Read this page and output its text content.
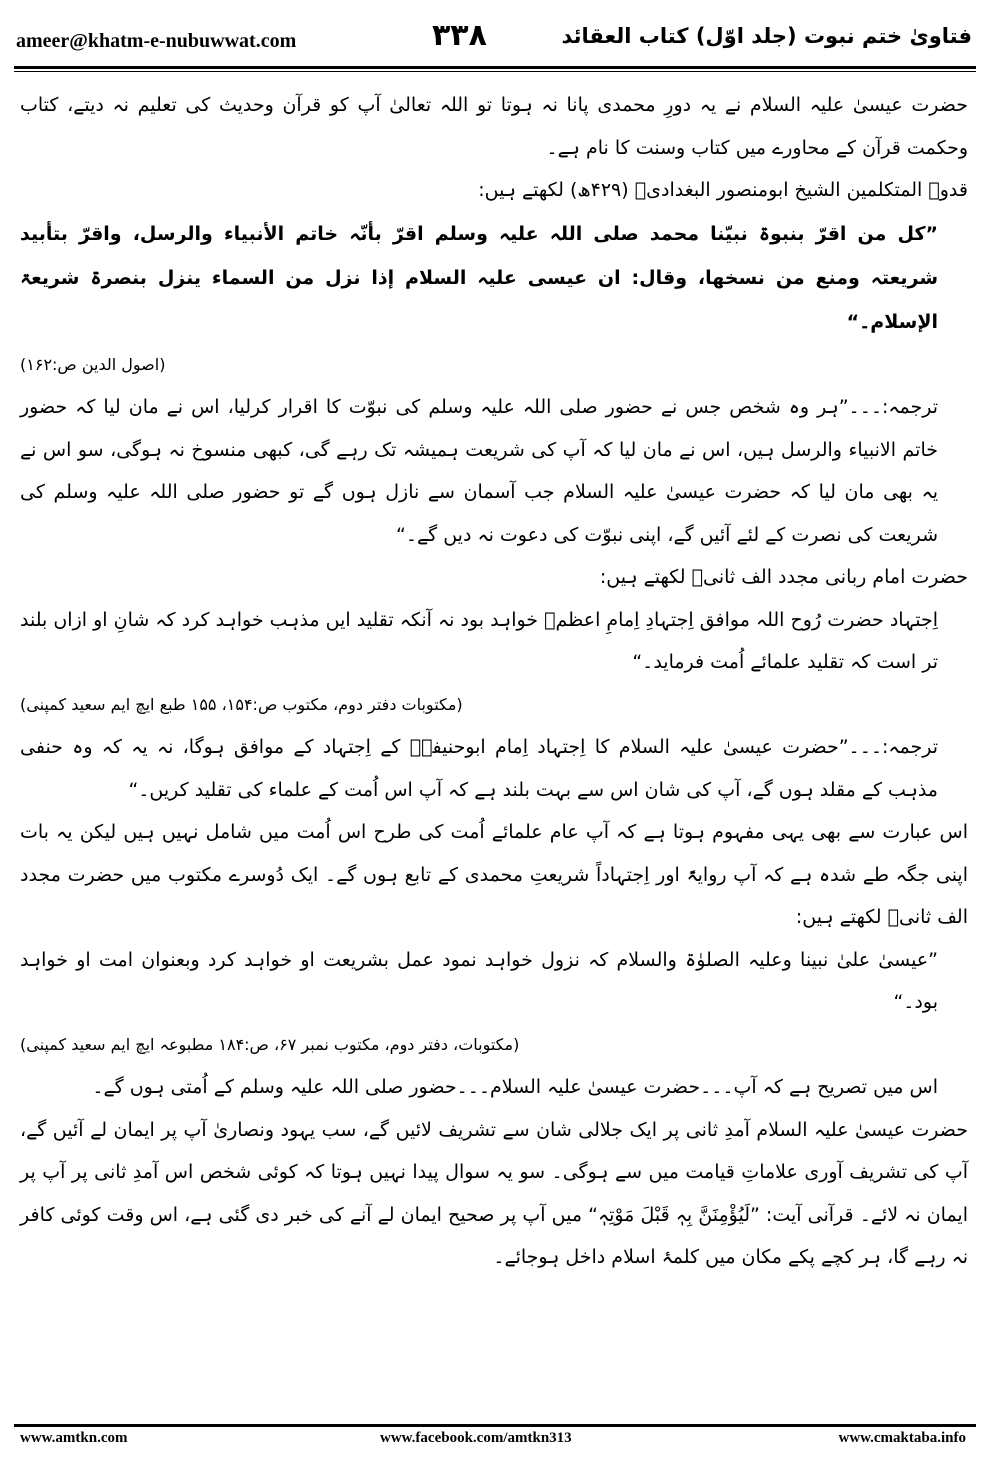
ameer@khatm-e-nubuwwat.com	۳۳۸	فتاویٰ ختم نبوت (جلد اوّل) کتاب العقائد

حضرت عیسیٰ علیہ السلام نے یہ دورِ محمدی پانا نہ ہوتا تو اللہ تعالیٰ آپ کو قرآن وحدیث کی تعلیم نہ دیتے، کتاب وحکمت قرآن کے محاورے میں کتاب وسنت کا نام ہے۔

قدوۃ المتکلمین الشیخ ابومنصور البغدادیؒ (۴۲۹ھ) لکھتے ہیں:

”کل من اقرّ بنبوۃ نبیّنا محمد صلی اللہ علیہ وسلم اقرّ بأنّہ خاتم الأنبیاء والرسل، واقرّ بتأبید شریعتہ ومنع من نسخھا، وقال: ان عیسی علیہ السلام إذا نزل من السماء ینزل بنصرۃ شریعۃ الإسلام۔“

(اصول الدین ص:۱۶۲)

ترجمہ:۔۔۔”ہر وہ شخص جس نے حضور صلی اللہ علیہ وسلم کی نبوّت کا اقرار کرلیا، اس نے مان لیا کہ حضور خاتم الانبیاء والرسل ہیں، اس نے مان لیا کہ آپ کی شریعت ہمیشہ تک رہے گی، کبھی منسوخ نہ ہوگی، سو اس نے یہ بھی مان لیا کہ حضرت عیسیٰ علیہ السلام جب آسمان سے نازل ہوں گے تو حضور صلی اللہ علیہ وسلم کی شریعت کی نصرت کے لئے آئیں گے، اپنی نبوّت کی دعوت نہ دیں گے۔“

حضرت امام ربانی مجدد الف ثانیؒ لکھتے ہیں:

اِجتہاد حضرت رُوح اللہ موافق اِجتہادِ اِمامِ اعظمؒ خواہد بود نہ آنکہ تقلید ایں مذہب خواہد کرد کہ شانِ او ازاں بلند تر است کہ تقلید علمائے اُمت فرماید۔“

(مکتوبات دفتر دوم، مکتوب ص:۱۵۴، ۱۵۵ طبع ایچ ایم سعید کمپنی)

ترجمہ:۔۔۔”حضرت عیسیٰ علیہ السلام کا اِجتہاد اِمام ابوحنیفہؒ کے اِجتہاد کے موافق ہوگا، نہ یہ کہ وہ حنفی مذہب کے مقلد ہوں گے، آپ کی شان اس سے بہت بلند ہے کہ آپ اس اُمت کے علماء کی تقلید کریں۔“

اس عبارت سے بھی یہی مفہوم ہوتا ہے کہ آپ عام علمائے اُمت کی طرح اس اُمت میں شامل نہیں ہیں لیکن یہ بات اپنی جگہ طے شدہ ہے کہ آپ روایۃً اور اِجتہاداً شریعتِ محمدی کے تابع ہوں گے۔ ایک دُوسرے مکتوب میں حضرت مجدد الف ثانیؒ لکھتے ہیں:

”عیسیٰ علیٰ نبینا وعلیہ الصلوٰۃ والسلام کہ نزول خواہد نمود عمل بشریعت او خواہد کرد وبعنوان امت او خواہد بود۔“

(مکتوبات، دفتر دوم، مکتوب نمبر ۶۷، ص:۱۸۴ مطبوعہ ایچ ایم سعید کمپنی)

اس میں تصریح ہے کہ آپ۔۔۔حضرت عیسیٰ علیہ السلام۔۔۔حضور صلی اللہ علیہ وسلم کے اُمتی ہوں گے۔

حضرت عیسیٰ علیہ السلام آمدِ ثانی پر ایک جلالی شان سے تشریف لائیں گے، سب یہود ونصاریٰ آپ پر ایمان لے آئیں گے، آپ کی تشریف آوری علاماتِ قیامت میں سے ہوگی۔ سو یہ سوال پیدا نہیں ہوتا کہ کوئی شخص اس آمدِ ثانی پر آپ پر ایمان نہ لائے۔ قرآنی آیت: ”لَیُؤْمِنَنَّ بِہٖ قَبْلَ مَوْتِہٖ“ میں آپ پر صحیح ایمان لے آنے کی خبر دی گئی ہے، اس وقت کوئی کافر نہ رہے گا، ہر کچے پکے مکان میں کلمۂ اسلام داخل ہوجائے۔

www.amtkn.com	www.facebook.com/amtkn313	www.cmaktaba.info
